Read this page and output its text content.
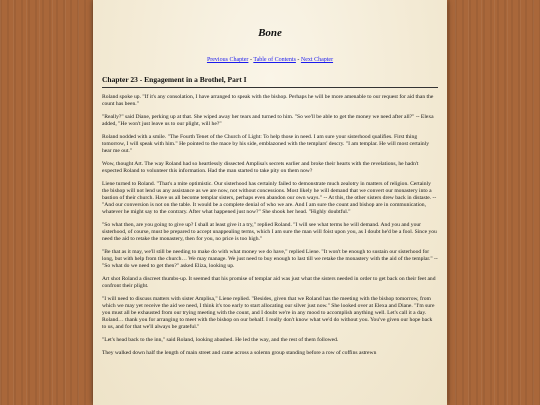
Bone
Previous Chapter - Table of Contents - Next Chapter
Chapter 23 - Engagement in a Brothel, Part I

Roland spoke up. "If it's any consolation, I have arranged to speak with the bishop. Perhaps he will be more amenable to our request for aid than the count has been."

"Really?" said Diane, perking up at that. She wiped away her tears and turned to him. "So we'll be able to get the money we need after all?" -- Elexa added, "He won't just leave us to our plight, will he?"

Roland nodded with a smile. "The Fourth Tenet of the Church of Light: To help those in need. I am sure your sisterhood qualifies. First thing tomorrow, I will speak with him." He pointed to the mace by his side, emblazoned with the templars' descry. "I am templar. He will most certainly hear me out."

Wow, thought Art. The way Roland had so heartlessly dissected Amplisa's secrets earlier and broke their hearts with the revelations, he hadn't expected Roland to volunteer this information. Had the man started to take pity on them now?

Liene turned to Roland. "That's a mite optimistic. Our sisterhood has certainly failed to demonstrate much zealotry in matters of religion. Certainly the bishop will not lend us any assistance as we are now, not without concessions. Most likely he will demand that we convert our monastery into a bastion of their church. Have us all become templar sisters, perhaps even abandon our own ways." -- At this, the other sisters drew back in distaste. -- "And our conversion is not on the table. It would be a complete denial of who we are. And I am sure the count and bishop are in communication, whatever he might say to the contrary. After what happened just now?" She shook her head. "Highly doubtful."

"So what then, are you going to give up? I shall at least give it a try," replied Roland. "I will see what terms he will demand. And you and your sisterhood, of course, must be prepared to accept unappealing terms, which I am sure the man will foist upon you, as I doubt he'd be a fool. Since you need the aid to retake the monastery, then for you, no price is too high."

"Be that as it may, we'll still be needing to make do with what money we do have," replied Liene. "It won't be enough to sustain our sisterhood for long, but with help from the church… We may manage. We just need to buy enough to last till we retake the monastery with the aid of the templar." -- "So what do we need to get then?" asked Eliza, looking up.

Art shot Roland a discreet thumbs-up. It seemed that his promise of templar aid was just what the sisters needed in order to get back on their feet and confront their plight.

"I will need to discuss matters with sister Amplisa," Liene replied. "Besides, given that we Roland has the meeting with the bishop tomorrow, from which we may yet receive the aid we need, I think it's too early to start allocating our silver just now." She looked over at Elexa and Diane. "I'm sure you must all be exhausted from our trying meeting with the count, and I doubt we're in any mood to accomplish anything well. Let's call it a day. Roland… thank you for arranging to meet with the bishop on our behalf. I really don't know what we'd do without you. You've given our hope back to us, and for that we'll always be grateful."

"Let's head back to the inn," said Roland, looking abashed. He led the way, and the rest of them followed.

They walked down half the length of main street and came across a solemn group standing before a row of coffins astrewn
